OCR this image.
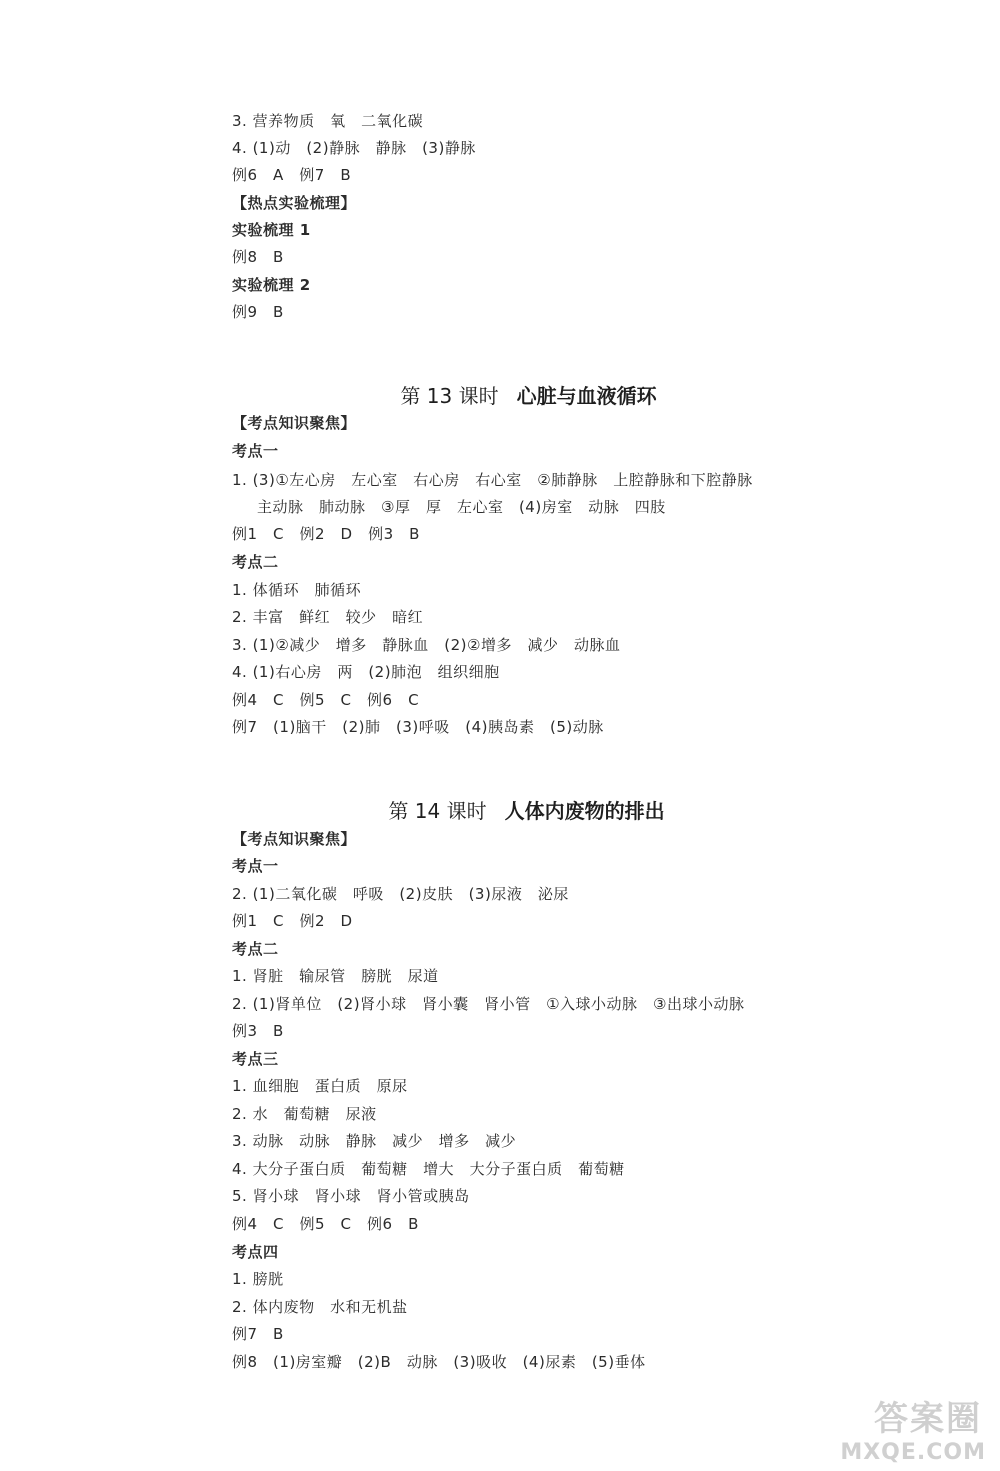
3. 营养物质　氧　二氧化碳
4. (1)动　(2)静脉　静脉　(3)静脉
例6　A　例7　B
【热点实验梳理】
实验梳理 1
例8　B
实验梳理 2
例9　B

第 13 课时 心脏与血液循环

【考点知识聚焦】
考点一
1. (3)①左心房　左心室　右心房　右心室　②肺静脉　上腔静脉和下腔静脉
主动脉　肺动脉　③厚　厚　左心室　(4)房室　动脉　四肢
例1　C　例2　D　例3　B
考点二
1. 体循环　肺循环
2. 丰富　鲜红　较少　暗红
3. (1)②减少　增多　静脉血　(2)②增多　减少　动脉血
4. (1)右心房　两　(2)肺泡　组织细胞
例4　C　例5　C　例6　C
例7　(1)脑干　(2)肺　(3)呼吸　(4)胰岛素　(5)动脉

第 14 课时 人体内废物的排出

【考点知识聚焦】
考点一
2. (1)二氧化碳　呼吸　(2)皮肤　(3)尿液　泌尿
例1　C　例2　D
考点二
1. 肾脏　输尿管　膀胱　尿道
2. (1)肾单位　(2)肾小球　肾小囊　肾小管　①入球小动脉　③出球小动脉
例3　B
考点三
1. 血细胞　蛋白质　原尿
2. 水　葡萄糖　尿液
3. 动脉　动脉　静脉　减少　增多　减少
4. 大分子蛋白质　葡萄糖　增大　大分子蛋白质　葡萄糖
5. 肾小球　肾小球　肾小管或胰岛
例4　C　例5　C　例6　B
考点四
1. 膀胱
2. 体内废物　水和无机盐
例7　B
例8　(1)房室瓣　(2)B　动脉　(3)吸收　(4)尿素　(5)垂体
答案圈
MXQE.COM
